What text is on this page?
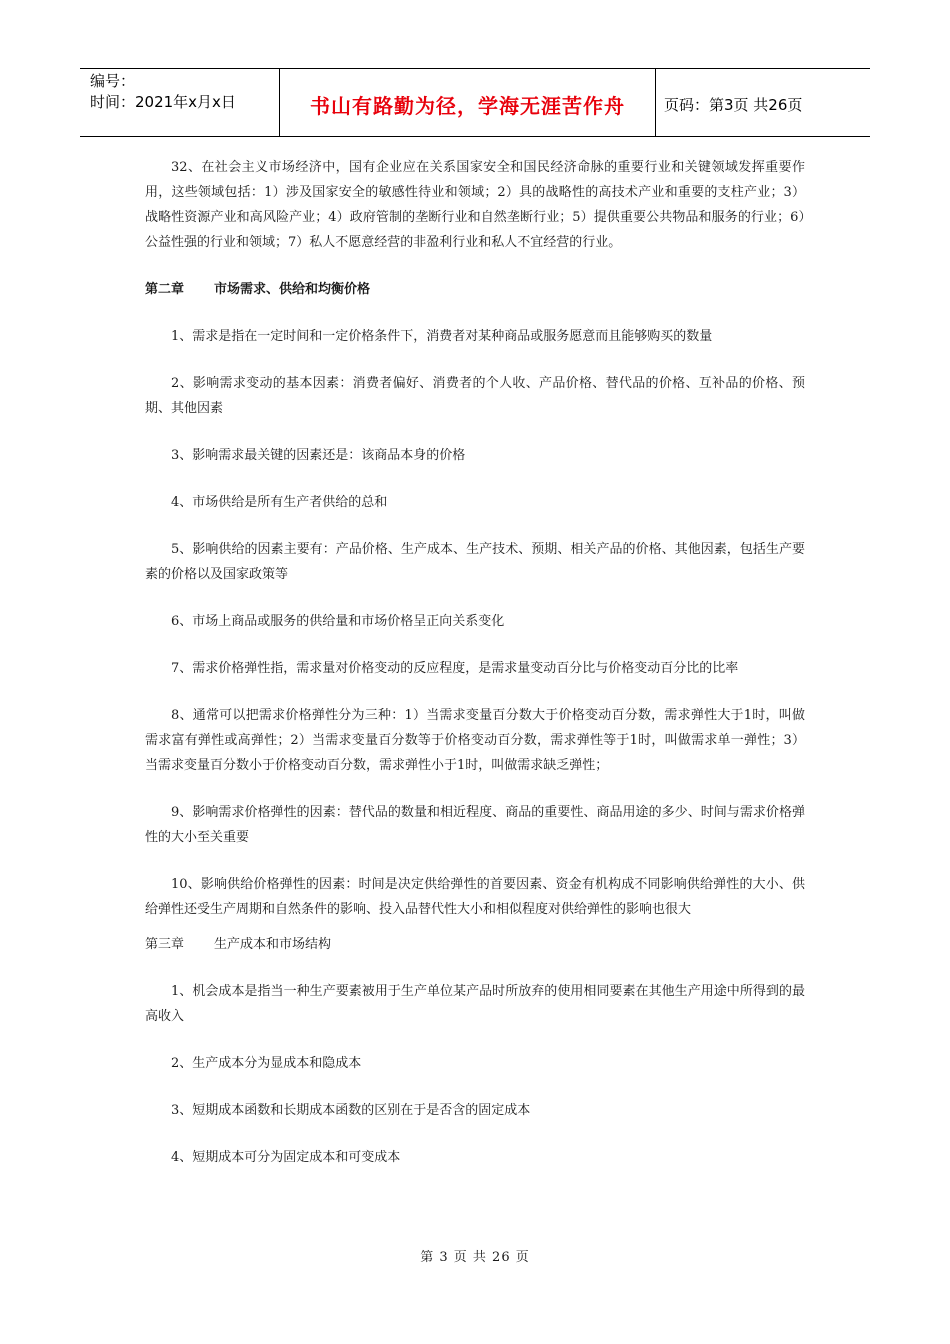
编号：
时间：2021年x月x日	书山有路勤为径，学海无涯苦作舟	页码：第3页 共26页

32、在社会主义市场经济中，国有企业应在关系国家安全和国民经济命脉的重要行业和关键领域发挥重要作用，这些领域包括：1）涉及国家安全的敏感性待业和领域；2）具的战略性的高技术产业和重要的支柱产业；3）战略性资源产业和高风险产业；4）政府管制的垄断行业和自然垄断行业；5）提供重要公共物品和服务的行业；6）公益性强的行业和领域；7）私人不愿意经营的非盈利行业和私人不宜经营的行业。

第二章 市场需求、供给和均衡价格

1、需求是指在一定时间和一定价格条件下，消费者对某种商品或服务愿意而且能够购买的数量

2、影响需求变动的基本因素：消费者偏好、消费者的个人收、产品价格、替代品的价格、互补品的价格、预期、其他因素

3、影响需求最关键的因素还是：该商品本身的价格

4、市场供给是所有生产者供给的总和

5、影响供给的因素主要有：产品价格、生产成本、生产技术、预期、相关产品的价格、其他因素，包括生产要素的价格以及国家政策等

6、市场上商品或服务的供给量和市场价格呈正向关系变化

7、需求价格弹性指，需求量对价格变动的反应程度，是需求量变动百分比与价格变动百分比的比率

8、通常可以把需求价格弹性分为三种：1）当需求变量百分数大于价格变动百分数，需求弹性大于1时，叫做需求富有弹性或高弹性；2）当需求变量百分数等于价格变动百分数，需求弹性等于1时，叫做需求单一弹性；3）当需求变量百分数小于价格变动百分数，需求弹性小于1时，叫做需求缺乏弹性；

9、影响需求价格弹性的因素：替代品的数量和相近程度、商品的重要性、商品用途的多少、时间与需求价格弹性的大小至关重要

10、影响供给价格弹性的因素：时间是决定供给弹性的首要因素、资金有机构成不同影响供给弹性的大小、供给弹性还受生产周期和自然条件的影响、投入品替代性大小和相似程度对供给弹性的影响也很大

第三章 生产成本和市场结构

1、机会成本是指当一种生产要素被用于生产单位某产品时所放弃的使用相同要素在其他生产用途中所得到的最高收入

2、生产成本分为显成本和隐成本

3、短期成本函数和长期成本函数的区别在于是否含的固定成本

4、短期成本可分为固定成本和可变成本

第 3 页 共 26 页
